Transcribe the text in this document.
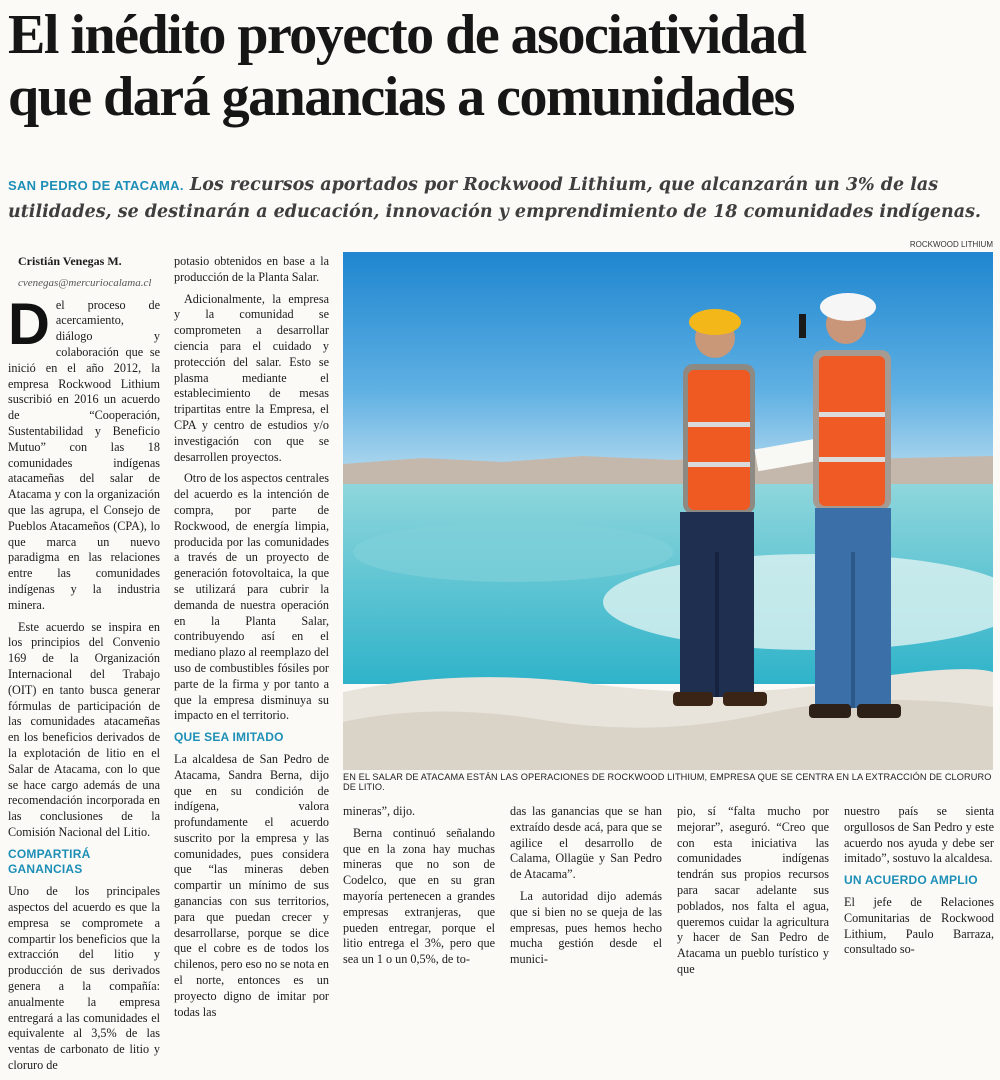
El inédito proyecto de asociatividad
que dará ganancias a comunidades

SAN PEDRO DE ATACAMA. Los recursos aportados por Rockwood Lithium, que alcanzarán un 3% de las utilidades, se destinarán a educación, innovación y emprendimiento de 18 comunidades indígenas.

Cristián Venegas M.

cvenegas@mercuriocalama.cl

Del proceso de acercamiento, diálogo y colaboración que se inició en el año 2012, la empresa Rockwood Lithium suscribió en 2016 un acuerdo de “Cooperación, Sustentabilidad y Beneficio Mutuo” con las 18 comunidades indígenas atacameñas del salar de Atacama y con la organización que las agrupa, el Consejo de Pueblos Atacameños (CPA), lo que marca un nuevo paradigma en las relaciones entre las comunidades indígenas y la industria minera.

Este acuerdo se inspira en los principios del Convenio 169 de la Organización Internacional del Trabajo (OIT) en tanto busca generar fórmulas de participación de las comunidades atacameñas en los beneficios derivados de la explotación de litio en el Salar de Atacama, con lo que se hace cargo además de una recomendación incorporada en las conclusiones de la Comisión Nacional del Litio.

COMPARTIRÁ GANANCIAS

Uno de los principales aspectos del acuerdo es que la empresa se compromete a compartir los beneficios que la extracción del litio y producción de sus derivados genera a la compañía: anualmente la empresa entregará a las comunidades el equivalente al 3,5% de las ventas de carbonato de litio y cloruro de

potasio obtenidos en base a la producción de la Planta Salar.

Adicionalmente, la empresa y la comunidad se comprometen a desarrollar ciencia para el cuidado y protección del salar. Esto se plasma mediante el establecimiento de mesas tripartitas entre la Empresa, el CPA y centro de estudios y/o investigación con que se desarrollen proyectos.

Otro de los aspectos centrales del acuerdo es la intención de compra, por parte de Rockwood, de energía limpia, producida por las comunidades a través de un proyecto de generación fotovoltaica, la que se utilizará para cubrir la demanda de nuestra operación en la Planta Salar, contribuyendo así en el mediano plazo al reemplazo del uso de combustibles fósiles por parte de la firma y por tanto a que la empresa disminuya su impacto en el territorio.

QUE SEA IMITADO

La alcaldesa de San Pedro de Atacama, Sandra Berna, dijo que en su condición de indígena, valora profundamente el acuerdo suscrito por la empresa y las comunidades, pues considera que “las mineras deben compartir un mínimo de sus ganancias con sus territorios, para que puedan crecer y desarrollarse, porque se dice que el cobre es de todos los chilenos, pero eso no se nota en el norte, entonces es un proyecto digno de imitar por todas las

ROCKWOOD LITHIUM
EN EL SALAR DE ATACAMA ESTÁN LAS OPERACIONES DE ROCKWOOD LITHIUM, EMPRESA QUE SE CENTRA EN LA EXTRACCIÓN DE CLORURO DE LITIO.

mineras”, dijo.

Berna continuó señalando que en la zona hay muchas mineras que no son de Codelco, que en su gran mayoría pertenecen a grandes empresas extranjeras, que pueden entregar, porque el litio entrega el 3%, pero que sea un 1 o un 0,5%, de to-

das las ganancias que se han extraído desde acá, para que se agilice el desarrollo de Calama, Ollagüe y San Pedro de Atacama”.

La autoridad dijo además que si bien no se queja de las empresas, pues hemos hecho mucha gestión desde el munici-

pio, sí “falta mucho por mejorar”, aseguró. “Creo que con esta iniciativa las comunidades indígenas tendrán sus propios recursos para sacar adelante sus poblados, nos falta el agua, queremos cuidar la agricultura y hacer de San Pedro de Atacama un pueblo turístico y que

nuestro país se sienta orgullosos de San Pedro y este acuerdo nos ayuda y debe ser imitado”, sostuvo la alcaldesa.

UN ACUERDO AMPLIO

El jefe de Relaciones Comunitarias de Rockwood Lithium, Paulo Barraza, consultado so-
